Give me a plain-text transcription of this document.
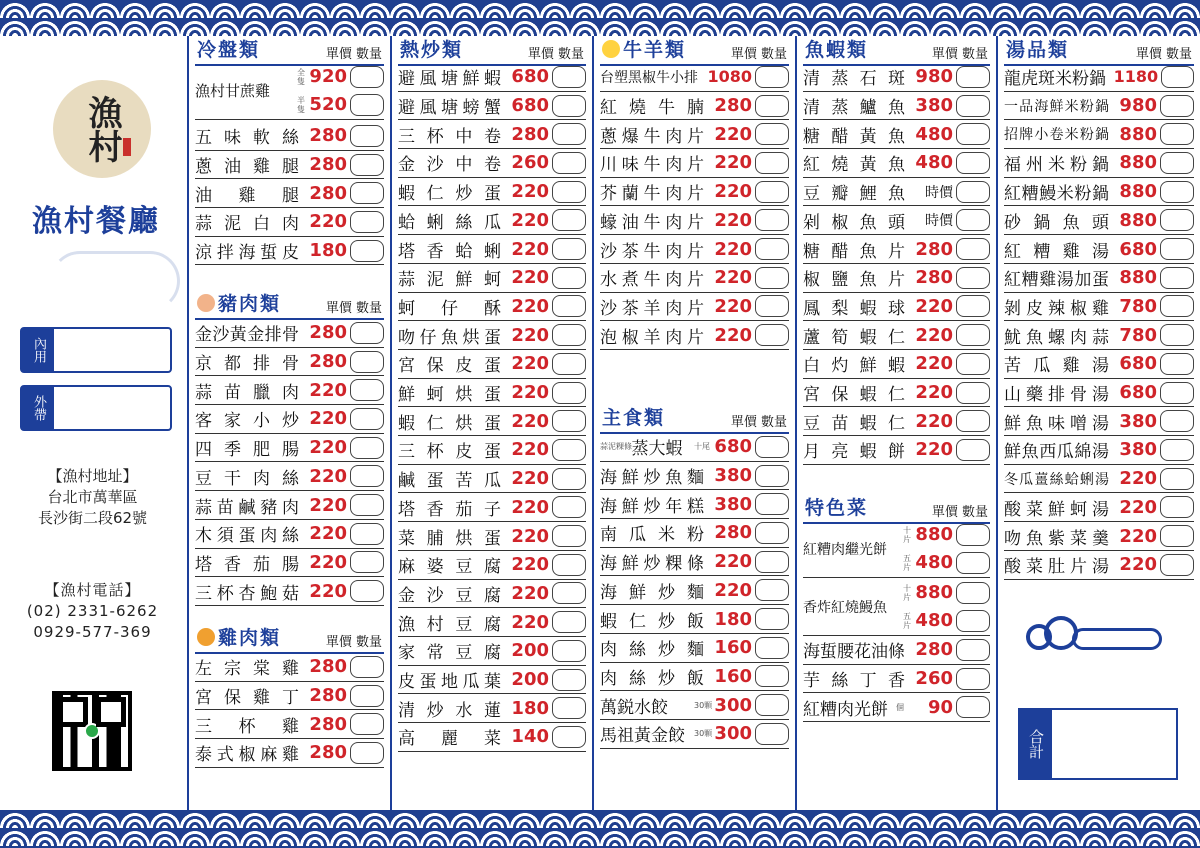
漁村
漁村餐廳
內用
外帶
【漁村地址】
台北市萬華區
長沙街二段62號
【漁村電話】
(02) 2331-6262
0929-577-369
冷盤類	單價 數量
漁村甘蔗雞
全隻 920
半隻 520
五味軟絲 280
蔥油雞腿 280
油　雞　腿 280
蒜泥白肉 220
涼拌海蜇皮 180
豬肉類	單價 數量
金沙黃金排骨 280
京都排骨 280
蒜苗臘肉 220
客家小炒 220
四季肥腸 220
豆干肉絲 220
蒜苗鹹豬肉 220
木須蛋肉絲 220
塔香茄腸 220
三杯杏鮑菇 220
雞肉類	單價 數量
左宗棠雞 280
宮保雞丁 280
三　杯　雞 280
泰式椒麻雞 280
熱炒類	單價 數量
避風塘鮮蝦 680
避風塘螃蟹 680
三杯中卷 280
金沙中卷 260
蝦仁炒蛋 220
蛤蜊絲瓜 220
塔香蛤蜊 220
蒜泥鮮蚵 220
蚵　仔　酥 220
吻仔魚烘蛋 220
宮保皮蛋 220
鮮蚵烘蛋 220
蝦仁烘蛋 220
三杯皮蛋 220
鹹蛋苦瓜 220
塔香茄子 220
菜脯烘蛋 220
麻婆豆腐 220
金沙豆腐 220
漁村豆腐 220
家常豆腐 200
皮蛋地瓜葉 200
清炒水蓮 180
高　麗　菜 140
牛羊類	單價 數量
台塑黑椒牛小排 1080
紅燒牛腩 280
蔥爆牛肉片 220
川味牛肉片 220
芥蘭牛肉片 220
蠔油牛肉片 220
沙茶牛肉片 220
水煮牛肉片 220
沙茶羊肉片 220
泡椒羊肉片 220
主食類	單價 數量
蒜泥粿條 蒸大蝦 十尾 680
海鮮炒魚麵 380
海鮮炒年糕 380
南瓜米粉 280
海鮮炒粿條 220
海鮮炒麵 220
蝦仁炒飯 180
肉絲炒麵 160
肉絲炒飯 160
萬鋭水餃	30顆 300
馬祖黃金餃 30顆 300
魚蝦類	單價 數量
清蒸石斑 980
清蒸鱸魚 380
糖醋黃魚 480
紅燒黃魚 480
豆瓣鯉魚	時價
剁椒魚頭	時價
糖醋魚片 280
椒鹽魚片 280
鳳梨蝦球 220
蘆筍蝦仁 220
白灼鮮蝦 220
宮保蝦仁 220
豆苗蝦仁 220
月亮蝦餅 220
特色菜	單價 數量
紅糟肉繼光餅
十片 880
五片 480
香炸紅燒鰻魚
十片 880
五片 480
海蜇腰花油條 280
芋絲丁香 260
紅糟肉光餅 個	90
合計
湯品類	單價 數量
龍虎斑米粉鍋 1180
一品海鮮米粉鍋 980
招牌小卷米粉鍋 880
福州米粉鍋 880
紅糟鰻米粉鍋 880
砂鍋魚頭 880
紅糟雞湯 680
紅糟雞湯加蛋 880
剝皮辣椒雞 780
魷魚螺肉蒜 780
苦瓜雞湯 680
山藥排骨湯 680
鮮魚味噌湯 380
鮮魚西瓜綿湯 380
冬瓜薑絲蛤蜊湯 220
酸菜鮮蚵湯 220
吻魚紫菜羹 220
酸菜肚片湯 220
